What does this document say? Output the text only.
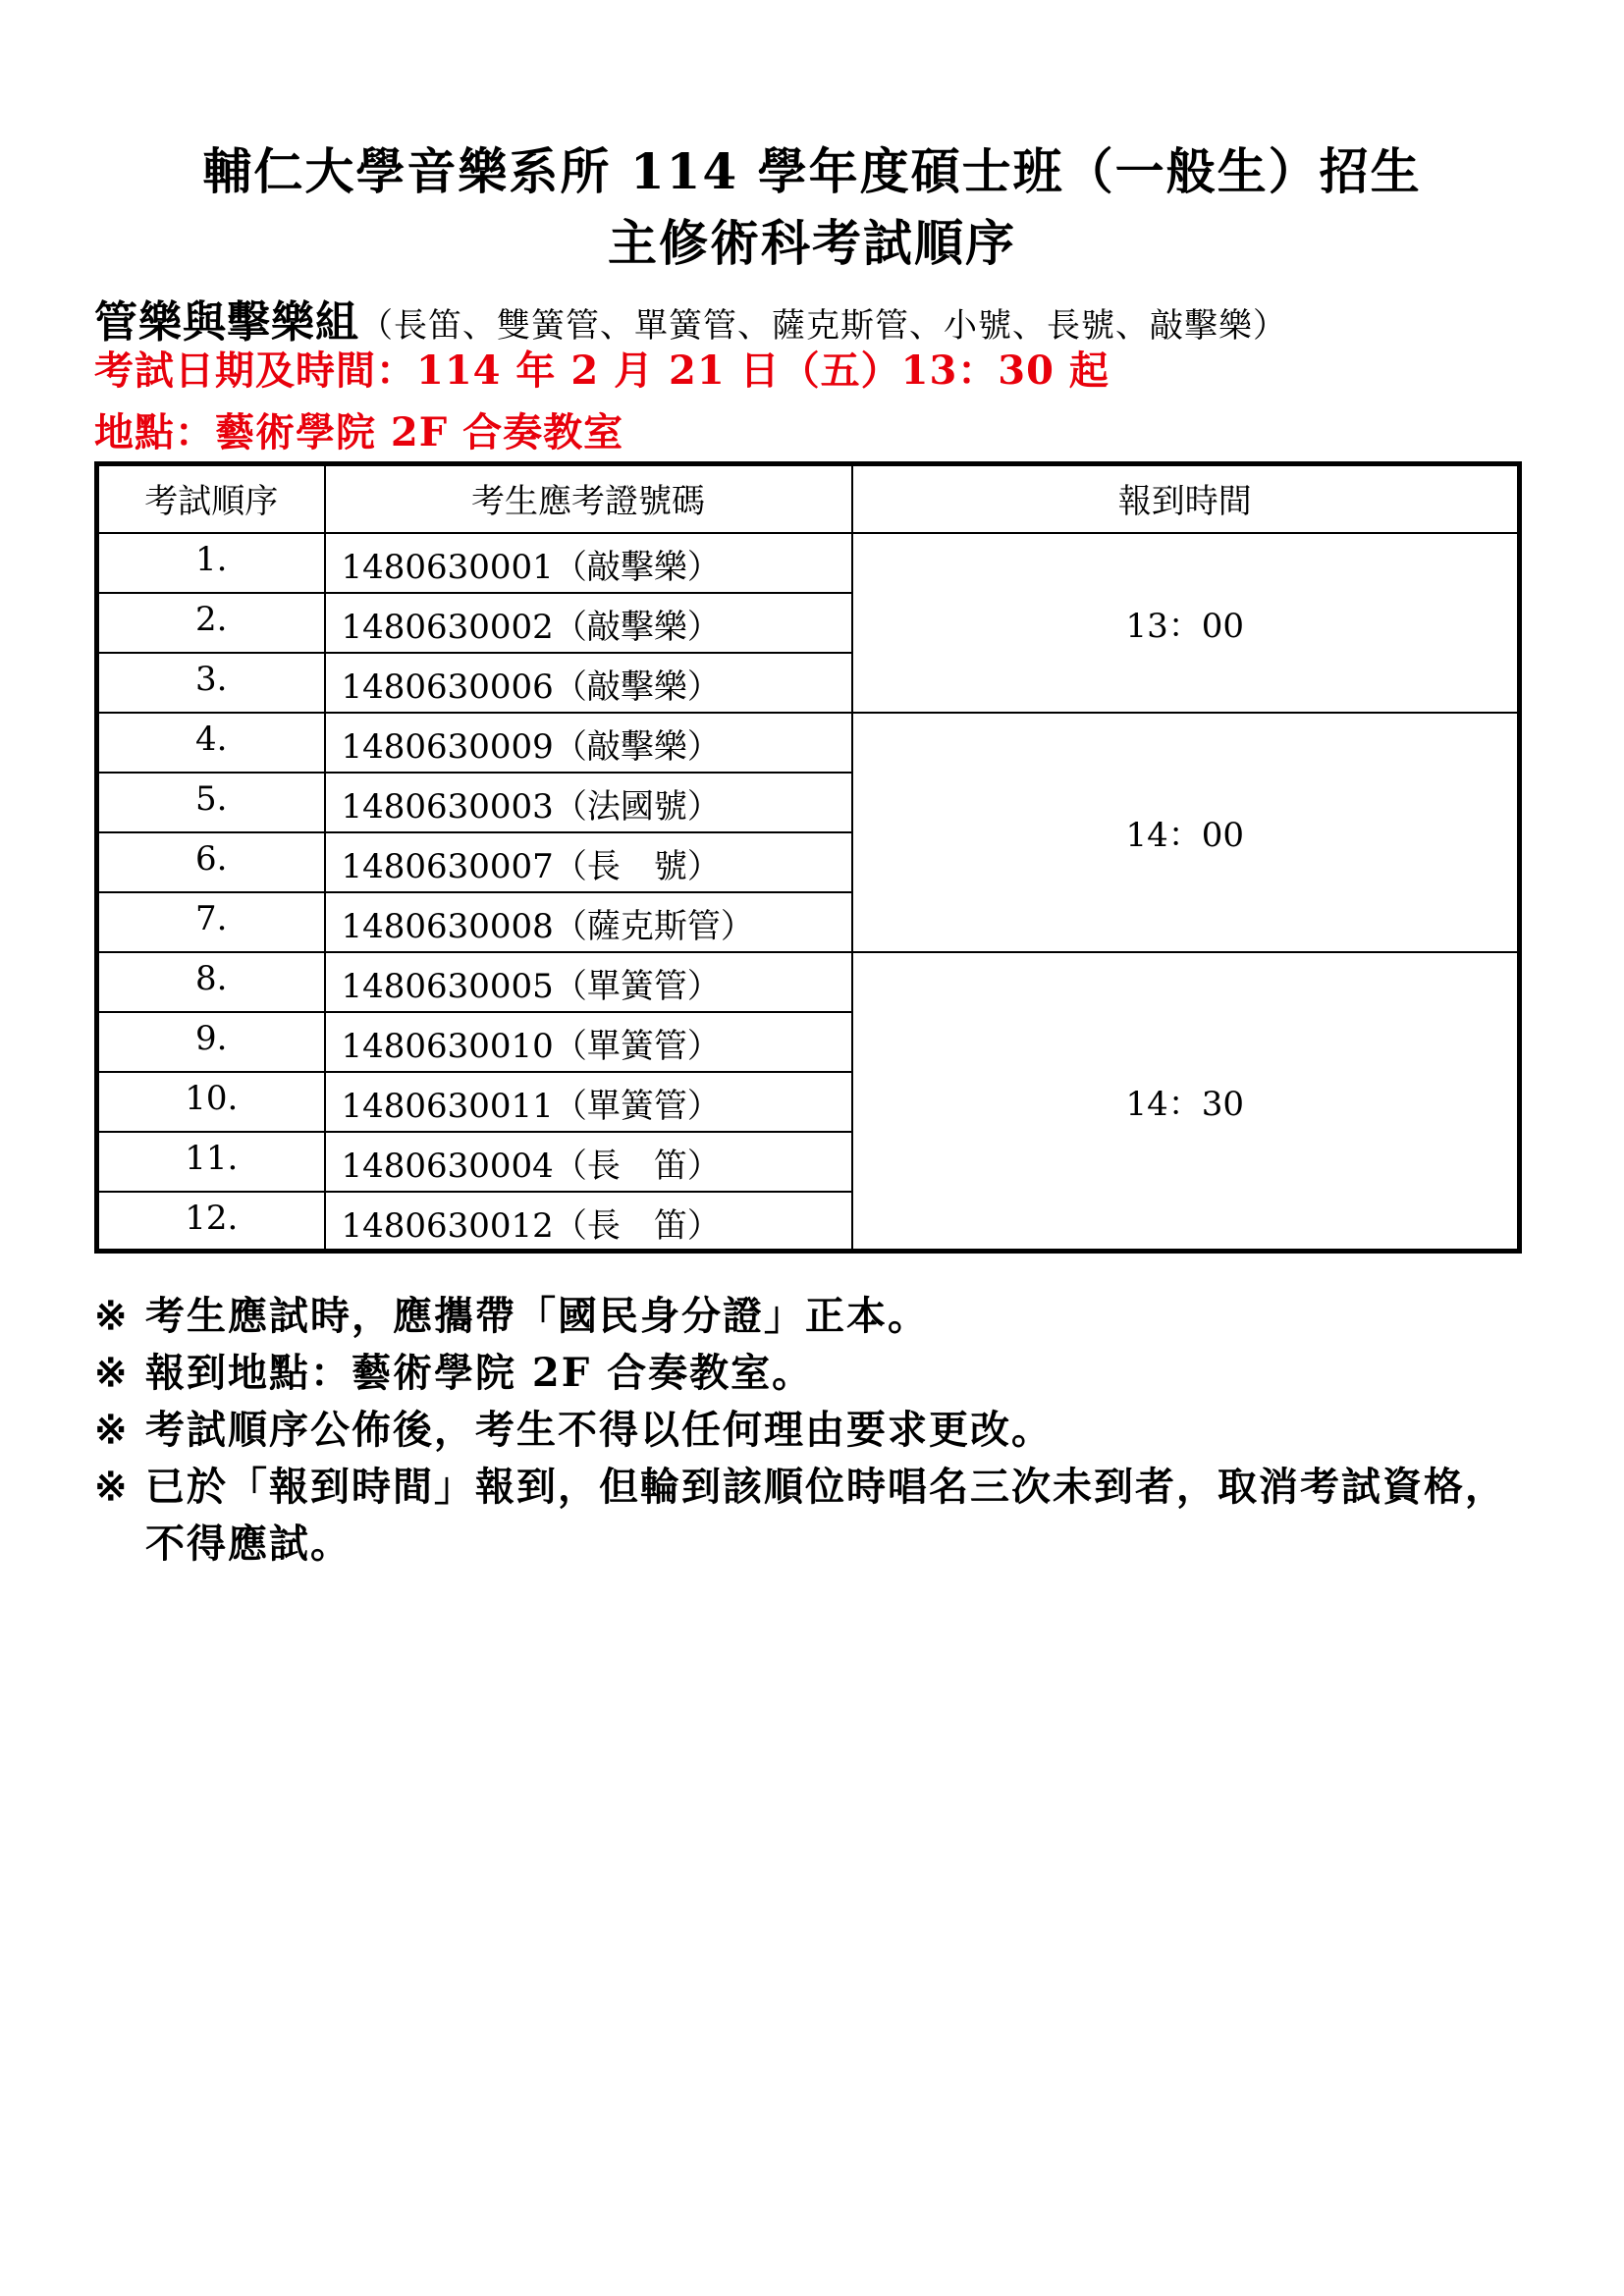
輔仁大學音樂系所 114 學年度碩士班（一般生）招生
主修術科考試順序
管樂與擊樂組（長笛、雙簧管、單簧管、薩克斯管、小號、長號、敲擊樂）
考試日期及時間：114 年 2 月 21 日（五）13：30 起
地點：藝術學院 2F 合奏教室
考試順序	考生應考證號碼	報到時間
1.	1480630001（敲擊樂）	13：00
2.	1480630002（敲擊樂）	
3.	1480630006（敲擊樂）	
4.	1480630009（敲擊樂）	14：00
5.	1480630003（法國號）	
6.	1480630007（長　號）	
7.	1480630008（薩克斯管）	
8.	1480630005（單簧管）	14：30
9.	1480630010（單簧管）	
10.	1480630011（單簧管）	
11.	1480630004（長　笛）	
12.	1480630012（長　笛）	
※ 考生應試時，應攜帶「國民身分證」正本。
※ 報到地點：藝術學院 2F 合奏教室。
※ 考試順序公佈後，考生不得以任何理由要求更改。
※ 已於「報到時間」報到，但輪到該順位時唱名三次未到者，取消考試資格，不得應試。
